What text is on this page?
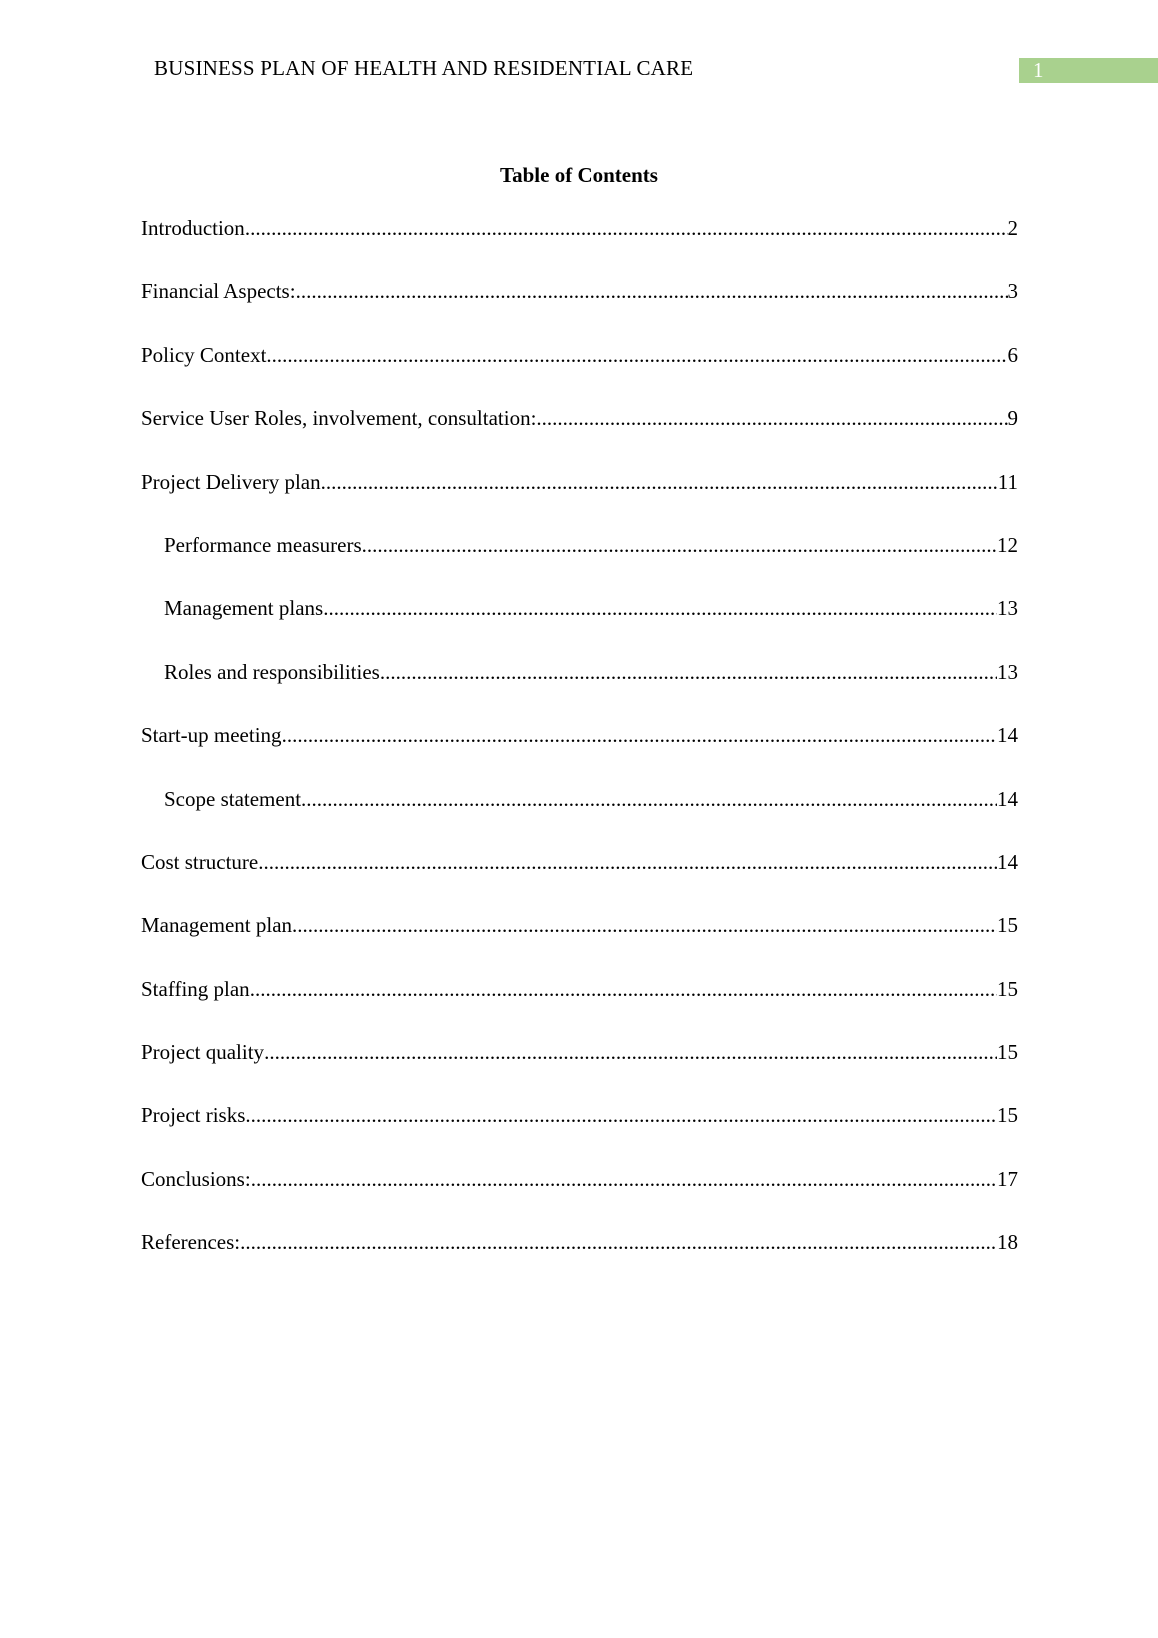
BUSINESS PLAN OF HEALTH AND RESIDENTIAL CARE	1
Table of Contents
Introduction .....	2
Financial Aspects: .....	3
Policy Context .....	6
Service User Roles, involvement, consultation: .....	9
Project Delivery plan .....	11
Performance measurers .....	12
Management plans .....	13
Roles and responsibilities .....	13
Start-up meeting .....	14
Scope statement .....	14
Cost structure .....	14
Management plan .....	15
Staffing plan .....	15
Project quality .....	15
Project risks .....	15
Conclusions: .....	17
References: .....	18
